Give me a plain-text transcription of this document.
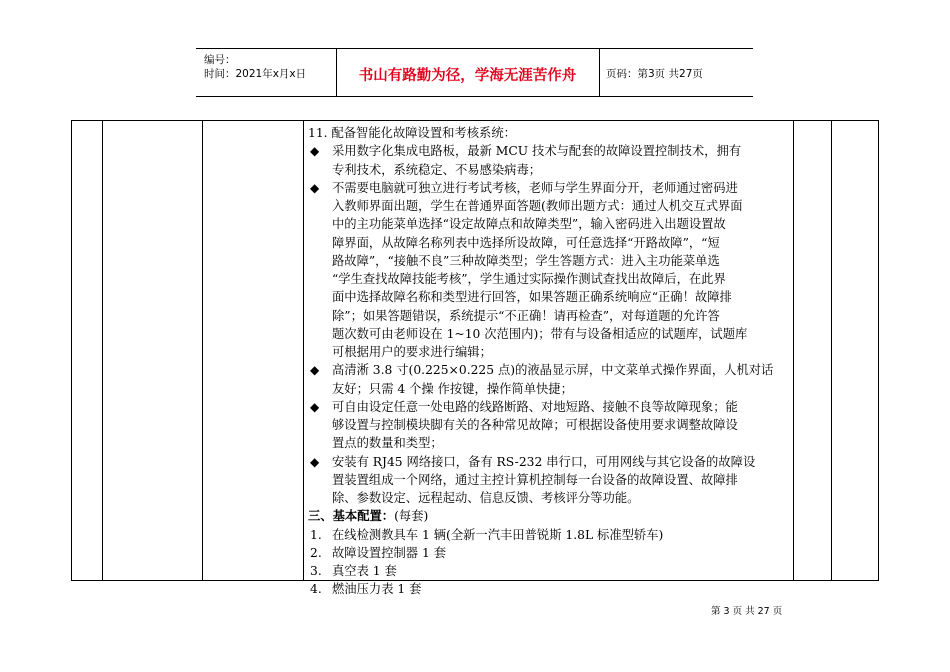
编号：
时间：2021年x月x日	书山有路勤为径，学海无涯苦作舟	页码：第3页 共27页
11. 配备智能化故障设置和考核系统：
◆ 采用数字化集成电路板，最新 MCU 技术与配套的故障设置控制技术，拥有
专利技术，系统稳定、不易感染病毒；
◆ 不需要电脑就可独立进行考试考核，老师与学生界面分开，老师通过密码进
入教师界面出题，学生在普通界面答题(教师出题方式：通过人机交互式界面
中的主功能菜单选择“设定故障点和故障类型”，输入密码进入出题设置故
障界面，从故障名称列表中选择所设故障，可任意选择“开路故障”，“短
路故障”，“接触不良”三种故障类型；学生答题方式：进入主功能菜单选
“学生查找故障技能考核”，学生通过实际操作测试查找出故障后，在此界
面中选择故障名称和类型进行回答，如果答题正确系统响应“正确！故障排
除”；如果答题错误，系统提示“不正确！请再检查”，对每道题的允许答
题次数可由老师设在 1~10 次范围内)；带有与设备相适应的试题库，试题库
可根据用户的要求进行编辑；
◆ 高清淅 3.8 寸(0.225×0.225 点)的液晶显示屏，中文菜单式操作界面，人机对话
友好；只需 4 个操 作按键，操作简单快捷；
◆ 可自由设定任意一处电路的线路断路、对地短路、接触不良等故障现象；能
够设置与控制模块脚有关的各种常见故障；可根据设备使用要求调整故障设
置点的数量和类型；
◆ 安装有 RJ45 网络接口，备有 RS-232 串行口，可用网线与其它设备的故障设
置装置组成一个网络，通过主控计算机控制每一台设备的故障设置、故障排
除、参数设定、远程起动、信息反馈、考核评分等功能。
三、基本配置：(每套)
1. 在线检测教具车 1 辆(全新一汽丰田普锐斯 1.8L 标准型轿车)
2. 故障设置控制器 1 套
3. 真空表 1 套
4. 燃油压力表 1 套
第 3 页 共 27 页
